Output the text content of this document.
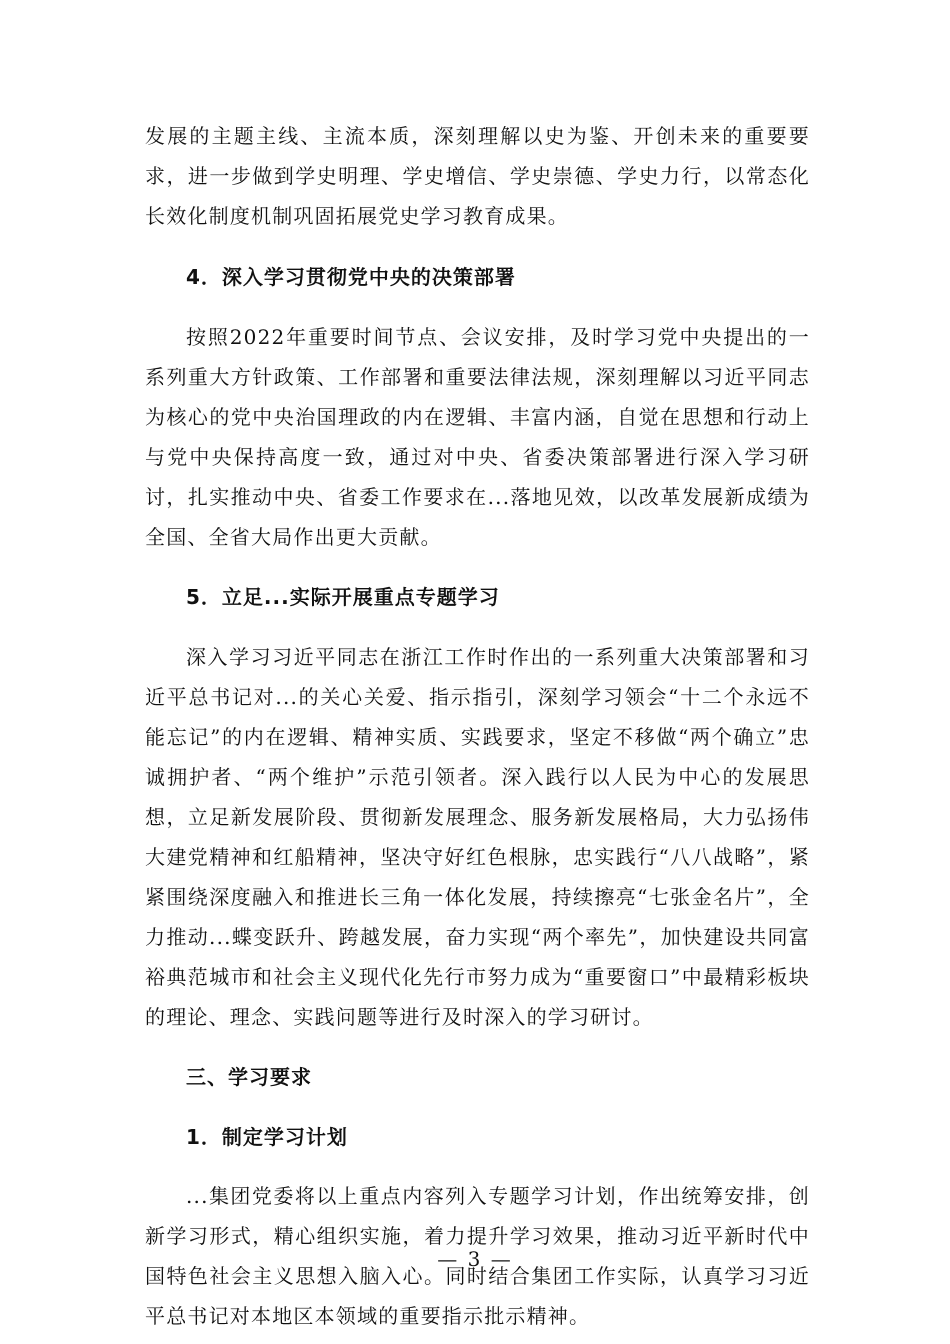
发展的主题主线、主流本质，深刻理解以史为鉴、开创未来的重要要求，进一步做到学史明理、学史增信、学史崇德、学史力行，以常态化长效化制度机制巩固拓展党史学习教育成果。

4．深入学习贯彻党中央的决策部署

按照2022年重要时间节点、会议安排，及时学习党中央提出的一系列重大方针政策、工作部署和重要法律法规，深刻理解以习近平同志为核心的党中央治国理政的内在逻辑、丰富内涵，自觉在思想和行动上与党中央保持高度一致，通过对中央、省委决策部署进行深入学习研讨，扎实推动中央、省委工作要求在...落地见效，以改革发展新成绩为全国、全省大局作出更大贡献。

5．立足...实际开展重点专题学习

深入学习习近平同志在浙江工作时作出的一系列重大决策部署和习近平总书记对...的关心关爱、指示指引，深刻学习领会“十二个永远不能忘记”的内在逻辑、精神实质、实践要求，坚定不移做“两个确立”忠诚拥护者、“两个维护”示范引领者。深入践行以人民为中心的发展思想，立足新发展阶段、贯彻新发展理念、服务新发展格局，大力弘扬伟大建党精神和红船精神，坚决守好红色根脉，忠实践行“八八战略”，紧紧围绕深度融入和推进长三角一体化发展，持续擦亮“七张金名片”，全力推动...蝶变跃升、跨越发展，奋力实现“两个率先”，加快建设共同富裕典范城市和社会主义现代化先行市努力成为“重要窗口”中最精彩板块的理论、理念、实践问题等进行及时深入的学习研讨。

三、学习要求
1．制定学习计划

...集团党委将以上重点内容列入专题学习计划，作出统筹安排，创新学习形式，精心组织实施，着力提升学习效果，推动习近平新时代中国特色社会主义思想入脑入心。同时结合集团工作实际，认真学习习近平总书记对本地区本领域的重要指示批示精神。

— 3 —
